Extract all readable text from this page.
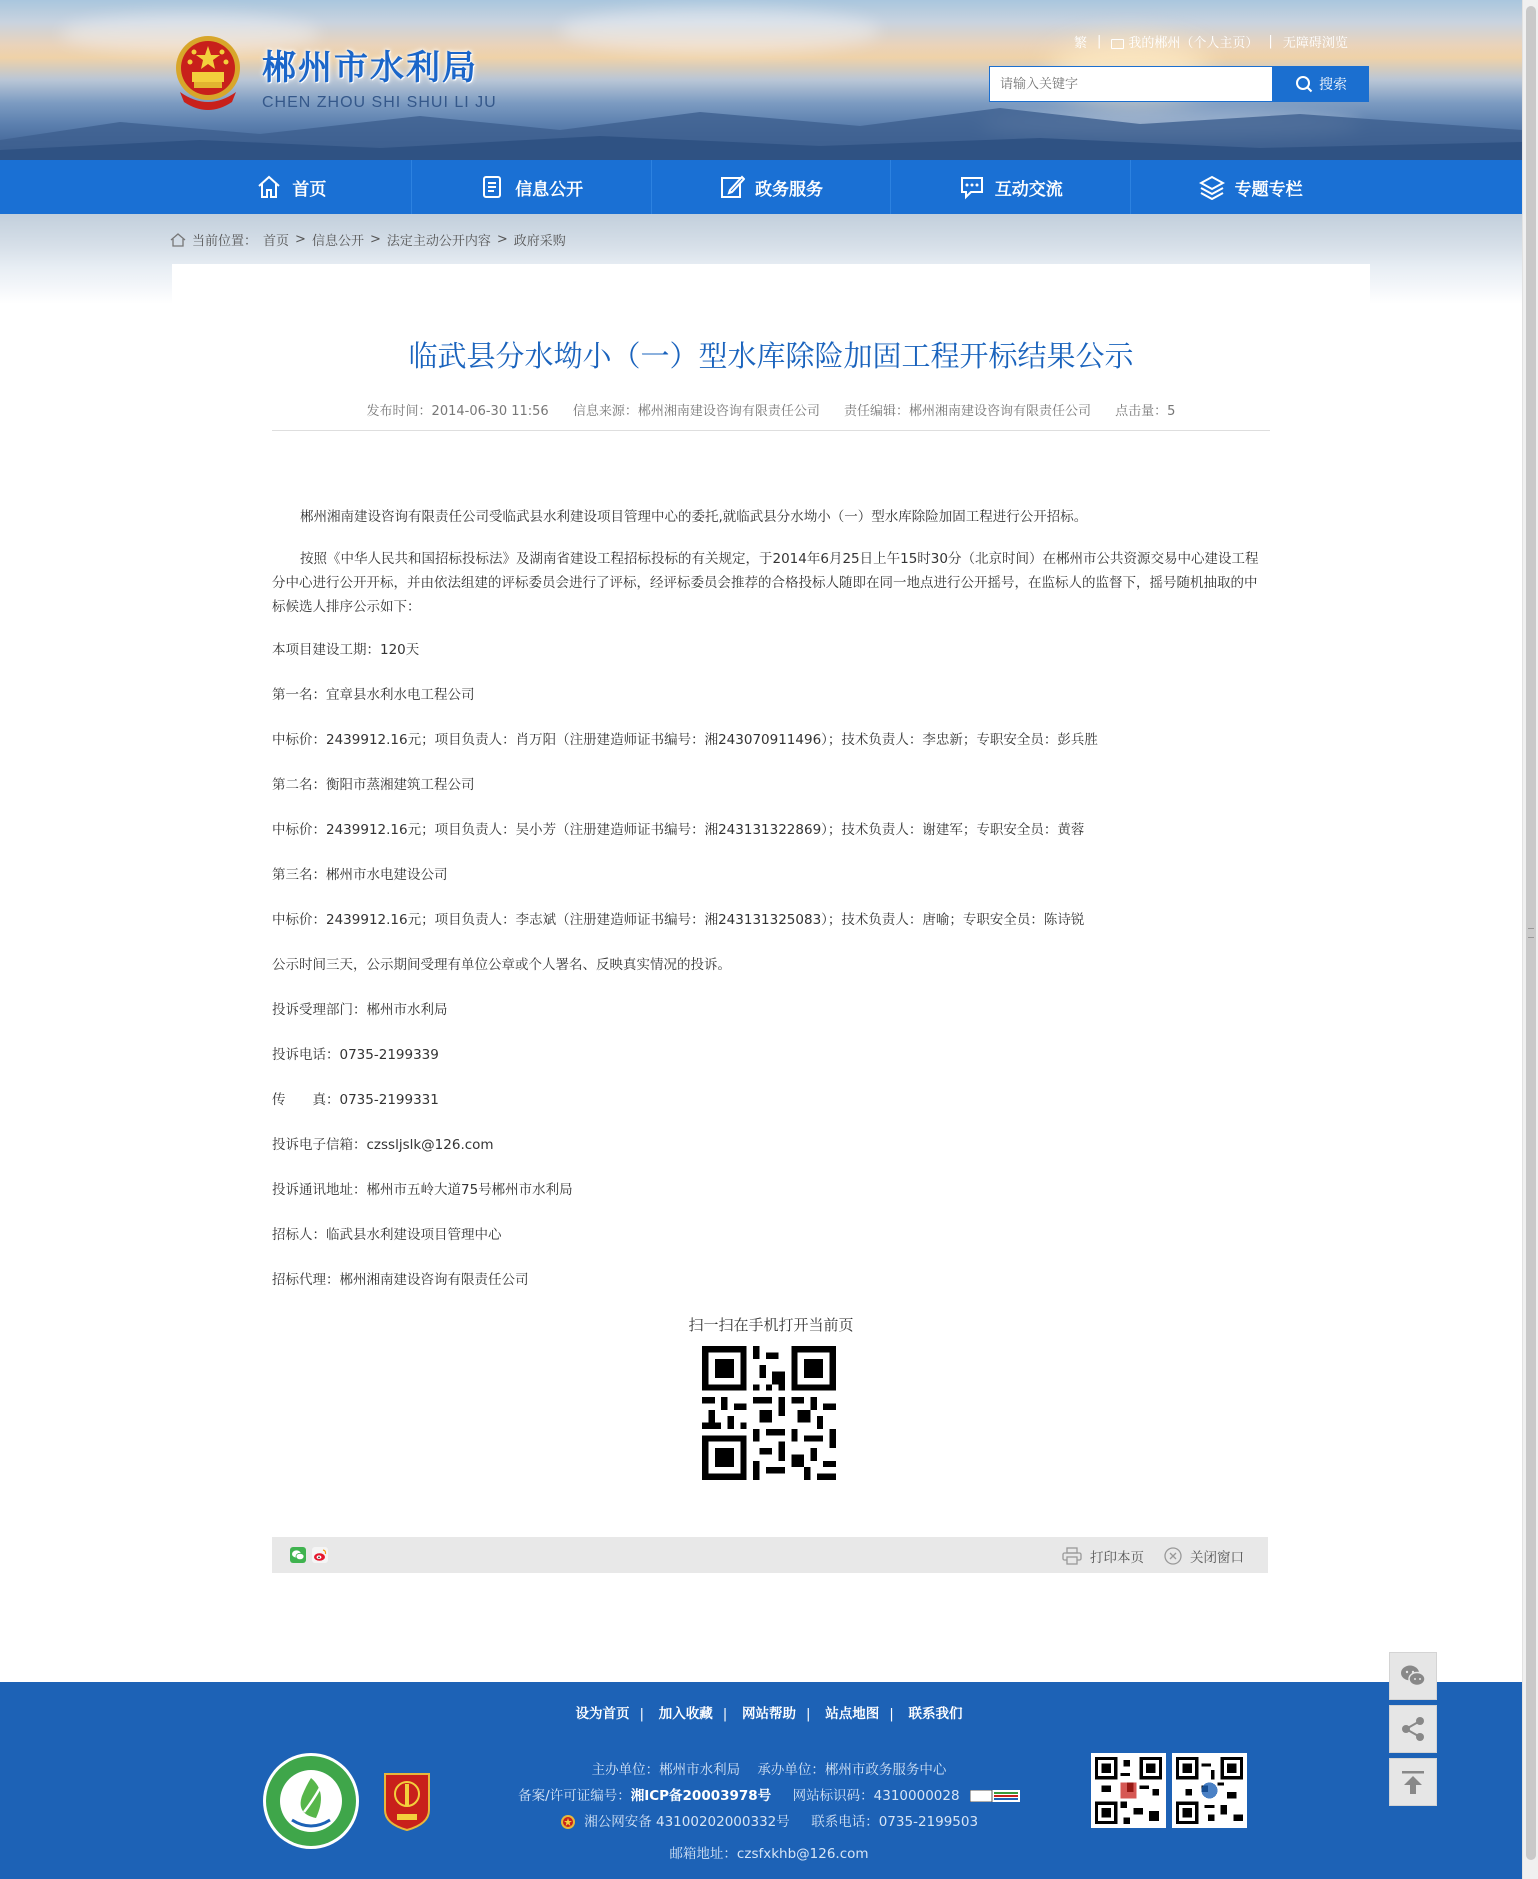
郴州市水利局
CHEN ZHOU SHI SHUI LI JU
繁 |	我的郴州（个人主页） | 无障碍浏览
请输入关键字
搜索
首页	信息公开	政务服务	互动交流	专题专栏
当前位置： 首页 > 信息公开 > 法定主动公开内容 > 政府采购
临武县分水坳小（一）型水库除险加固工程开标结果公示
发布时间：2014-06-30 11:56 信息来源：郴州湘南建设咨询有限责任公司 责任编辑：郴州湘南建设咨询有限责任公司 点击量：5

郴州湘南建设咨询有限责任公司受临武县水利建设项目管理中心的委托,就临武县分水坳小（一）型水库除险加固工程进行公开招标。

按照《中华人民共和国招标投标法》及湖南省建设工程招标投标的有关规定，于2014年6月25日上午15时30分（北京时间）在郴州市公共资源交易中心建设工程分中心进行公开开标，并由依法组建的评标委员会进行了评标，经评标委员会推荐的合格投标人随即在同一地点进行公开摇号，在监标人的监督下，摇号随机抽取的中标候选人排序公示如下：

本项目建设工期：120天

第一名：宜章县水利水电工程公司

中标价：2439912.16元；项目负责人：肖万阳（注册建造师证书编号：湘243070911496）；技术负责人：李忠新；专职安全员：彭兵胜

第二名：衡阳市蒸湘建筑工程公司

中标价：2439912.16元；项目负责人：吴小芳（注册建造师证书编号：湘243131322869）；技术负责人：谢建军；专职安全员：黄蓉

第三名：郴州市水电建设公司

中标价：2439912.16元；项目负责人：李志斌（注册建造师证书编号：湘243131325083）；技术负责人：唐喻；专职安全员：陈诗锐

公示时间三天，公示期间受理有单位公章或个人署名、反映真实情况的投诉。

投诉受理部门：郴州市水利局

投诉电话：0735-2199339

传　　真：0735-2199331

投诉电子信箱：czssljslk@126.com

投诉通讯地址：郴州市五岭大道75号郴州市水利局

招标人：临武县水利建设项目管理中心

招标代理：郴州湘南建设咨询有限责任公司

扫一扫在手机打开当前页
打印本页	关闭窗口
设为首页 | 加入收藏 | 网站帮助 | 站点地图 | 联系我们
主办单位：郴州市水利局 承办单位：郴州市政务服务中心
备案/许可证编号：湘ICP备20003978号 网站标识码：4310000028
湘公网安备 43100202000332号 联系电话：0735-2199503
邮箱地址：czsfxkhb@126.com
